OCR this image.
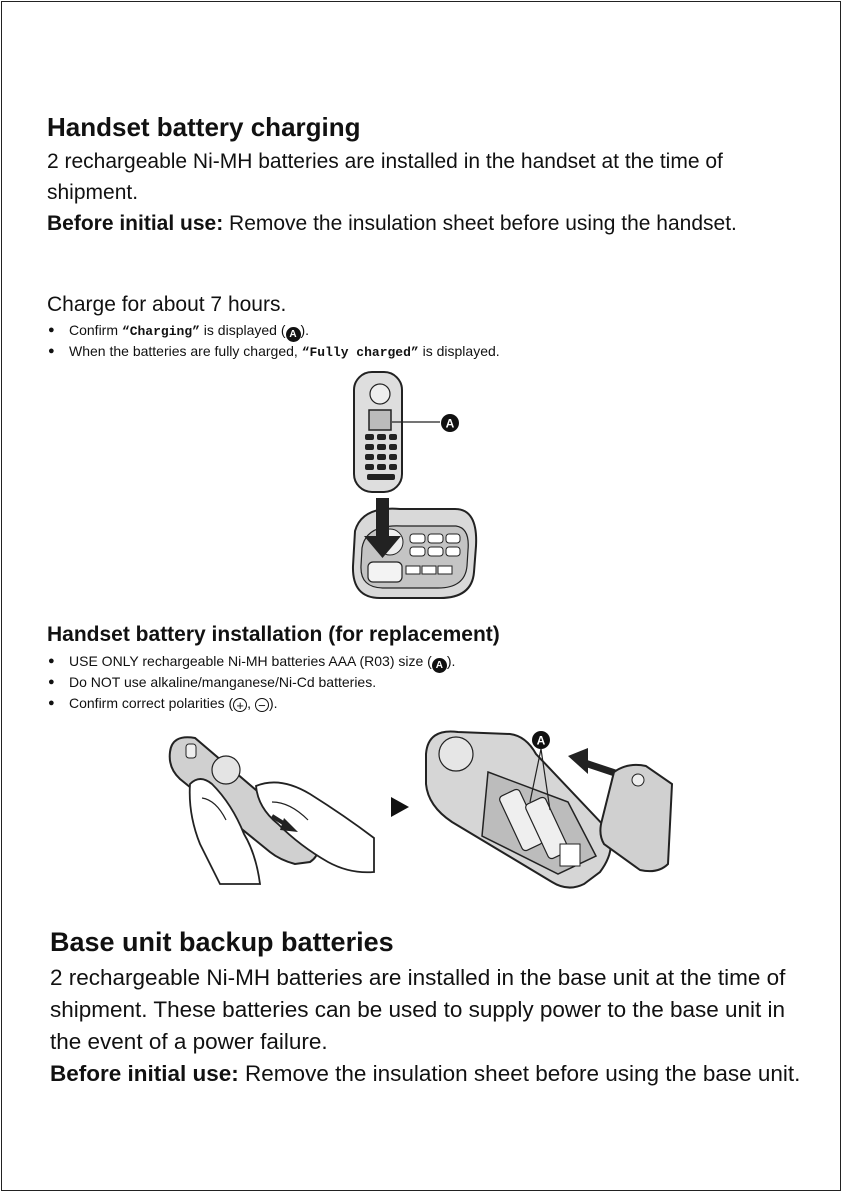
Handset battery charging
2 rechargeable Ni-MH batteries are installed in the handset at the time of shipment.
Before initial use: Remove the insulation sheet before using the handset.
Charge for about 7 hours.
● Confirm “Charging” is displayed ( A ).
● When the batteries are fully charged, “Fully charged” is displayed.
A
Handset battery installation (for replacement)
● USE ONLY rechargeable Ni-MH batteries AAA (R03) size ( A ).
● Do NOT use alkaline/manganese/Ni-Cd batteries.
● Confirm correct polarities ( + , − ).
A
Base unit backup batteries
2 rechargeable Ni-MH batteries are installed in the base unit at the time of shipment. These batteries can be used to supply power to the base unit in the event of a power failure.
Before initial use: Remove the insulation sheet before using the base unit.
